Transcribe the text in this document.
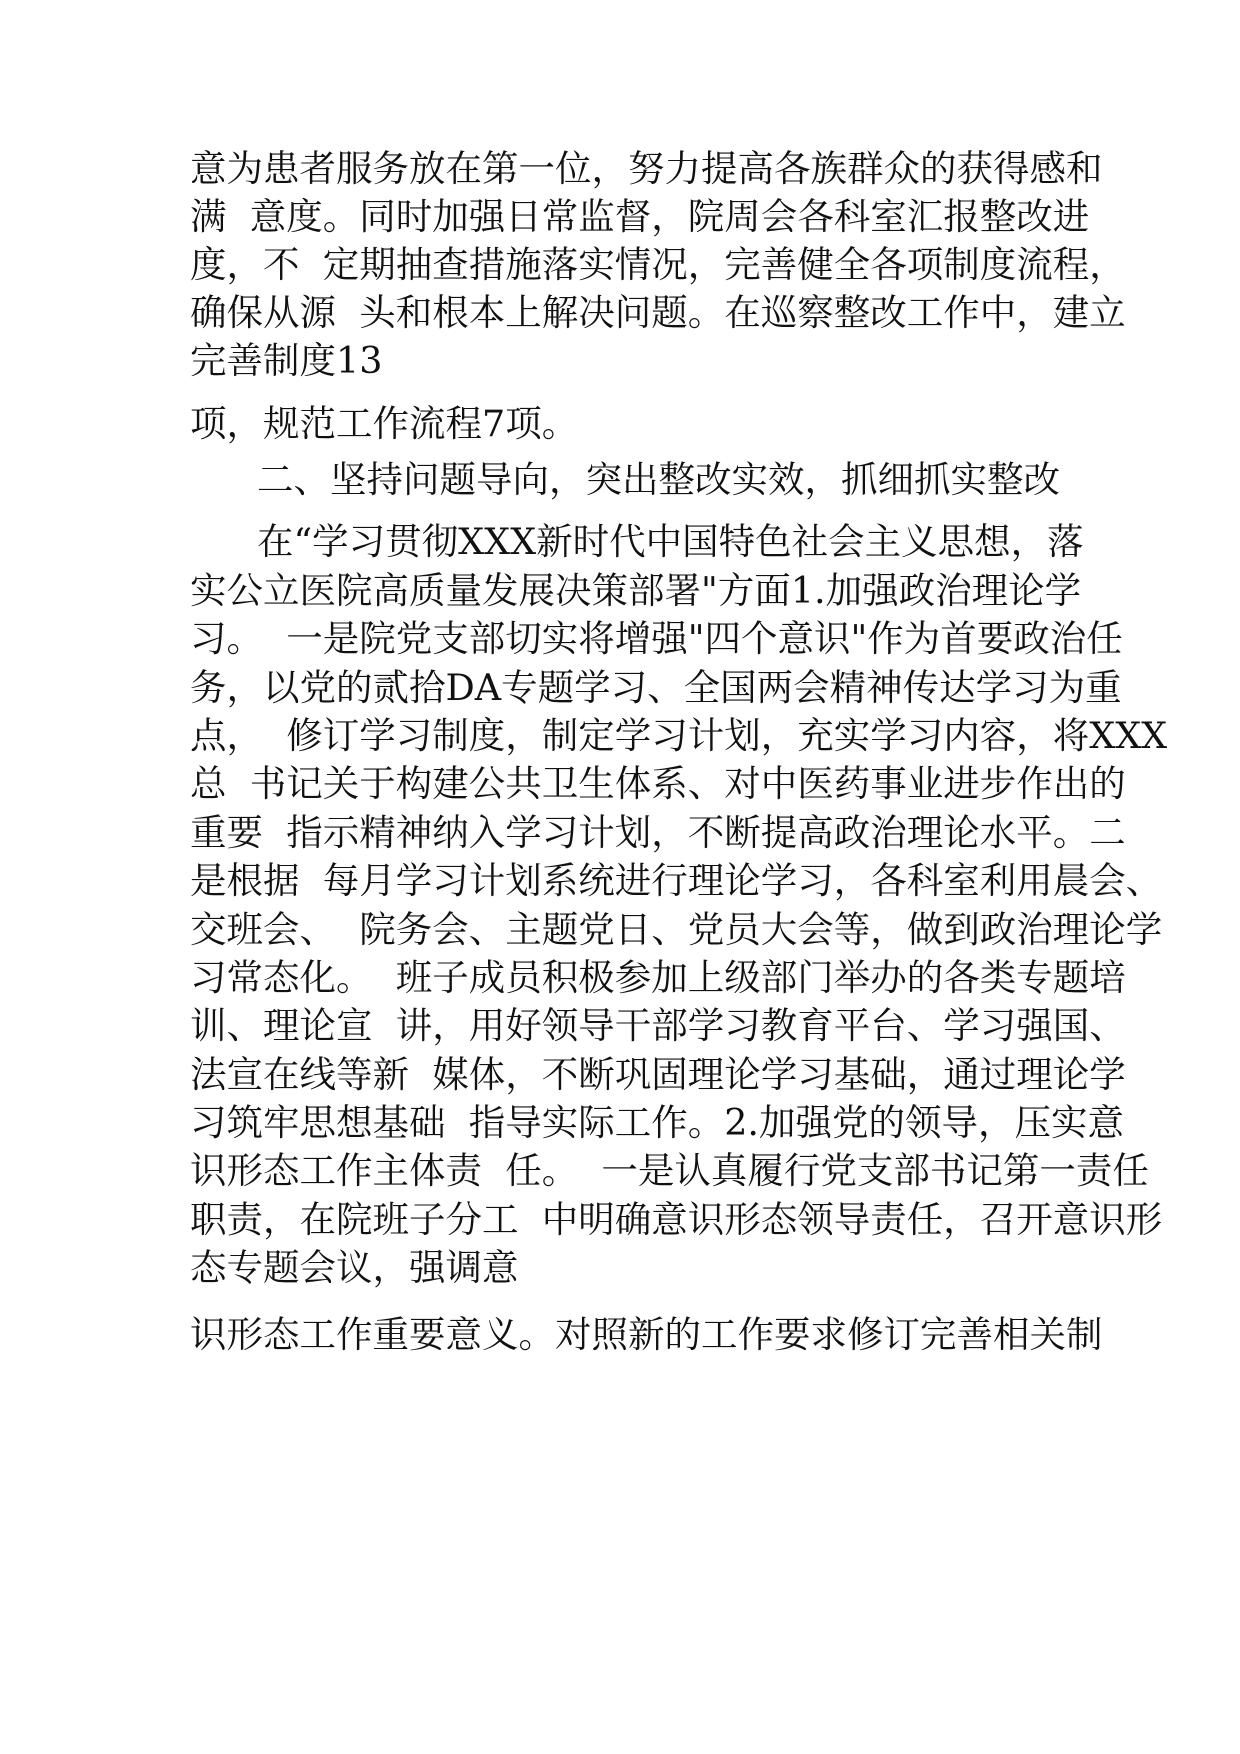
意为患者服务放在第一位，努力提高各族群众的获得感和

满  意度。同时加强日常监督，院周会各科室汇报整改进

度，不  定期抽查措施落实情况，完善健全各项制度流程，

确保从源  头和根本上解决问题。在巡察整改工作中，建立

完善制度13

项，规范工作流程7项。

二、坚持问题导向，突出整改实效，抓细抓实整改

在“学习贯彻XXX新时代中国特色社会主义思想，落

实公立医院高质量发展决策部署"方面1.加强政治理论学

习。  一是院党支部切实将增强"四个意识"作为首要政治任

务，以党的贰拾DA专题学习、全国两会精神传达学习为重

点，  修订学习制度，制定学习计划，充实学习内容，将XXX

总  书记关于构建公共卫生体系、对中医药事业进步作出的

重要  指示精神纳入学习计划，不断提高政治理论水平。二

是根据  每月学习计划系统进行理论学习，各科室利用晨会、

交班会、  院务会、主题党日、党员大会等，做到政治理论学

习常态化。  班子成员积极参加上级部门举办的各类专题培

训、理论宣  讲，用好领导干部学习教育平台、学习强国、

法宣在线等新  媒体，不断巩固理论学习基础，通过理论学

习筑牢思想基础  指导实际工作。2.加强党的领导，压实意

识形态工作主体责  任。  一是认真履行党支部书记第一责任

职责，在院班子分工  中明确意识形态领导责任，召开意识形

态专题会议，强调意

识形态工作重要意义。对照新的工作要求修订完善相关制
